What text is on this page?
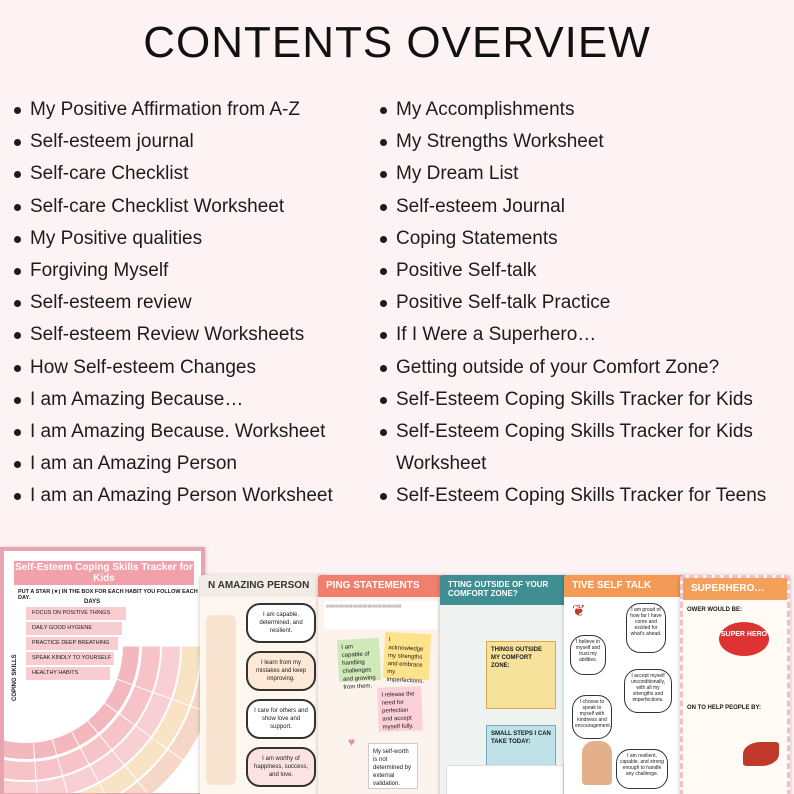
CONTENTS OVERVIEW
My Positive Affirmation from A-Z
Self-esteem journal
Self-care Checklist
Self-care Checklist Worksheet
My Positive qualities
Forgiving Myself
Self-esteem review
Self-esteem Review Worksheets
How Self-esteem Changes
I am Amazing Because…
I am Amazing Because. Worksheet
I am an Amazing Person
I am an Amazing Person Worksheet
My Accomplishments
My Strengths Worksheet
My Dream List
Self-esteem Journal
Coping Statements
Positive Self-talk
Positive Self-talk Practice
If I Were a Superhero…
Getting outside of your Comfort Zone?
Self-Esteem Coping Skills Tracker for Kids
Self-Esteem Coping Skills Tracker for Kids
Worksheet
Self-Esteem Coping Skills Tracker for Teens
Self-Esteem Coping Skills Tracker for Kids
PUT A STAR (★) IN THE BOX FOR EACH HABIT YOU FOLLOW EACH DAY.
DAYS
COPING SKILLS
FOCUS ON POSITIVE THINGS
DAILY GOOD HYGIENE
PRACTICE DEEP BREATHING
SPEAK KINDLY TO YOURSELF
HEALTHY HABITS
N AMAZING PERSON
I am capable, determined, and resilient.
I learn from my mistakes and keep improving.
I care for others and show love and support.
I am worthy of happiness, success, and love.
PING STATEMENTS
▤▤▤▤▤▤▤▤▤▤▤▤▤▤▤▤▤▤▤▤
I am capable of handling challenges and growing from them.
I acknowledge my strengths and embrace my imperfections.
I release the need for perfection and accept myself fully.
My self-worth is not determined by external validation.
♥
TTING OUTSIDE OF YOUR COMFORT ZONE?
THINGS OUTSIDE MY COMFORT ZONE:
SMALL STEPS I CAN TAKE TODAY:
TIVE SELF TALK
❦	I am proud of how far I have come and excited for what's ahead.
I believe in myself and trust my abilities.
I accept myself unconditionally, with all my strengths and imperfections.
I choose to speak to myself with kindness and encouragement.
I am resilient, capable, and strong enough to handle any challenge.
SUPERHERO…
OWER WOULD BE:
SUPER HERO
ON TO HELP PEOPLE BY:
